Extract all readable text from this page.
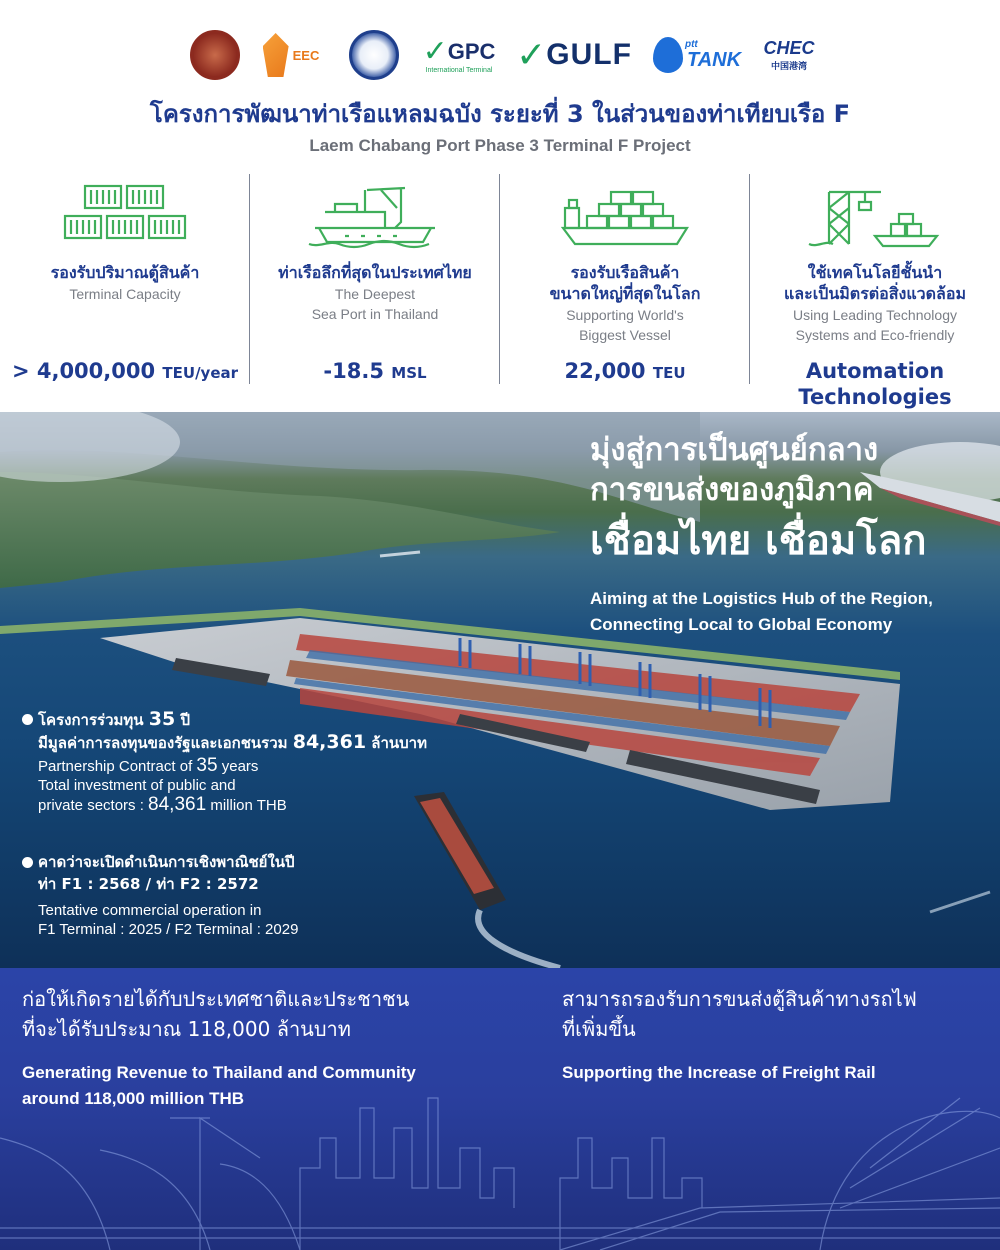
EEC	✓ GPC
International Terminal ✓ GULF	ptt
TANK
CHEC
中国港湾
โครงการพัฒนาท่าเรือแหลมฉบัง ระยะที่ 3 ในส่วนของท่าเทียบเรือ F
Laem Chabang Port Phase 3 Terminal F Project
รองรับปริมาณตู้สินค้า
Terminal Capacity
> 4,000,000 TEU/year
ท่าเรือลึกที่สุดในประเทศไทย
The Deepest
Sea Port in Thailand
-18.5 MSL
รองรับเรือสินค้า
ขนาดใหญ่ที่สุดในโลก
Supporting World's
Biggest Vessel
22,000 TEU
ใช้เทคโนโลยีชั้นนำ
และเป็นมิตรต่อสิ่งแวดล้อม
Using Leading Technology
Systems and Eco-friendly
Automation
Technologies
มุ่งสู่การเป็นศูนย์กลาง
การขนส่งของภูมิภาค
เชื่อมไทย เชื่อมโลก
Aiming at the Logistics Hub of the Region,
Connecting Local to Global Economy
โครงการร่วมทุน 35 ปี
มีมูลค่าการลงทุนของรัฐและเอกชนรวม 84,361 ล้านบาท
Partnership Contract of 35 years
Total investment of public and
private sectors : 84,361 million THB
คาดว่าจะเปิดดำเนินการเชิงพาณิชย์ในปี
ท่า F1 : 2568 / ท่า F2 : 2572
Tentative commercial operation in
F1 Terminal : 2025 / F2 Terminal : 2029
ก่อให้เกิดรายได้กับประเทศชาติและประชาชน
ที่จะได้รับประมาณ 118,000 ล้านบาท
Generating Revenue to Thailand and Community
around 118,000 million THB
สามารถรองรับการขนส่งตู้สินค้าทางรถไฟ
ที่เพิ่มขึ้น
Supporting the Increase of Freight Rail
